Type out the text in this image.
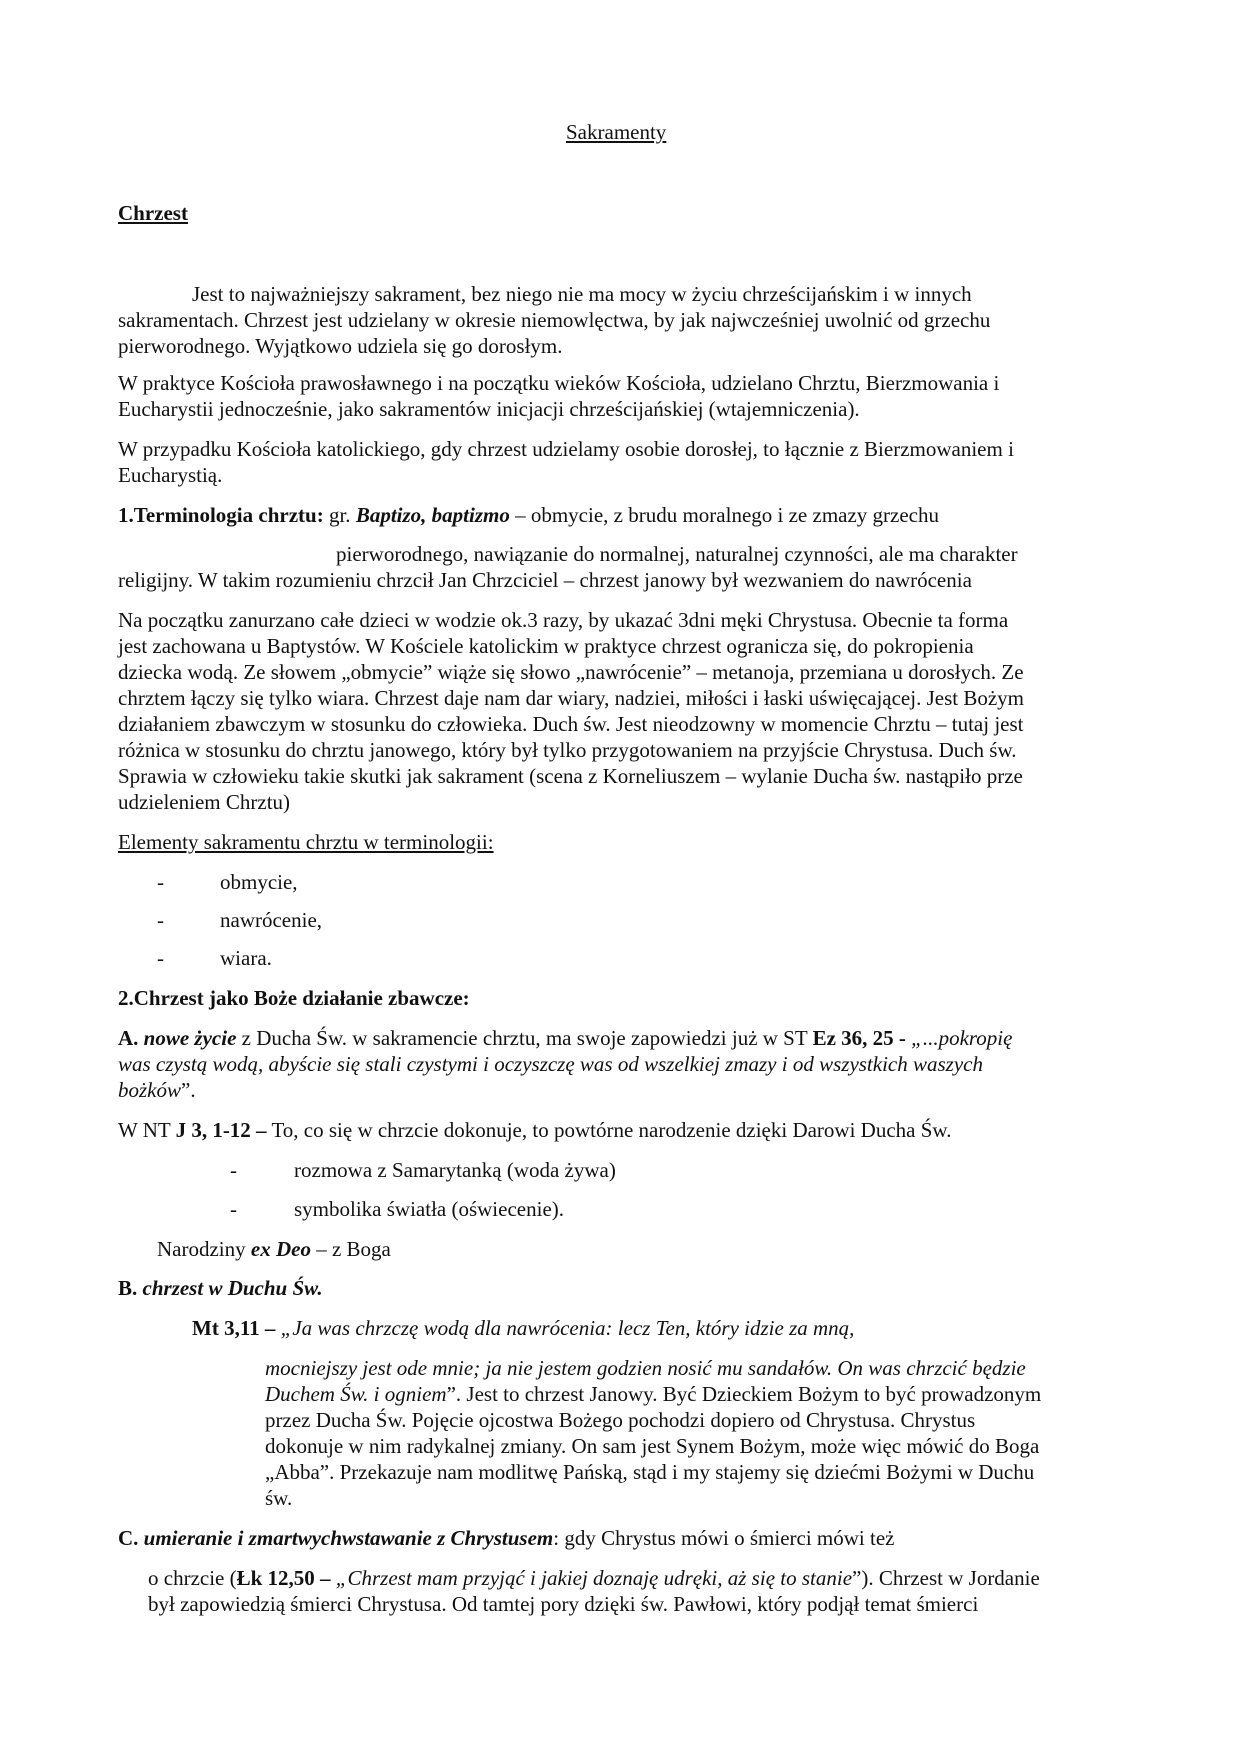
Sakramenty
Chrzest
Jest to najważniejszy sakrament, bez niego nie ma mocy w życiu chrześcijańskim i w innych
sakramentach. Chrzest jest udzielany w okresie niemowlęctwa, by jak najwcześniej uwolnić od grzechu
pierworodnego. Wyjątkowo udziela się go dorosłym.
W praktyce Kościoła prawosławnego i na początku wieków Kościoła, udzielano Chrztu, Bierzmowania i
Eucharystii jednocześnie, jako sakramentów inicjacji chrześcijańskiej (wtajemniczenia).
W przypadku Kościoła katolickiego, gdy chrzest udzielamy osobie dorosłej, to łącznie z Bierzmowaniem i
Eucharystią.
1.Terminologia chrztu: gr. Baptizo, baptizmo – obmycie, z brudu moralnego i ze zmazy grzechu
pierworodnego, nawiązanie do normalnej, naturalnej czynności, ale ma charakter
religijny. W takim rozumieniu chrzcił Jan Chrzciciel – chrzest janowy był wezwaniem do nawrócenia
Na początku zanurzano całe dzieci w wodzie ok.3 razy, by ukazać 3dni męki Chrystusa. Obecnie ta forma
jest zachowana u Baptystów. W Kościele katolickim w praktyce chrzest ogranicza się, do pokropienia
dziecka wodą. Ze słowem „obmycie” wiąże się słowo „nawrócenie” – metanoja, przemiana u dorosłych. Ze
chrztem łączy się tylko wiara. Chrzest daje nam dar wiary, nadziei, miłości i łaski uświęcającej. Jest Bożym
działaniem zbawczym w stosunku do człowieka. Duch św. Jest nieodzowny w momencie Chrztu – tutaj jest
różnica w stosunku do chrztu janowego, który był tylko przygotowaniem na przyjście Chrystusa. Duch św.
Sprawia w człowieku takie skutki jak sakrament (scena z Korneliuszem – wylanie Ducha św. nastąpiło prze
udzieleniem Chrztu)
Elementy sakramentu chrztu w terminologii:
-	obmycie,
-	nawrócenie,
-	wiara.
2.Chrzest jako Boże działanie zbawcze:
A. nowe życie z Ducha Św. w sakramencie chrztu, ma swoje zapowiedzi już w ST Ez 36, 25 - „...pokropię
was czystą wodą, abyście się stali czystymi i oczyszczę was od wszelkiej zmazy i od wszystkich waszych
bożków”.
W NT J 3, 1-12 – To, co się w chrzcie dokonuje, to powtórne narodzenie dzięki Darowi Ducha Św.
-	rozmowa z Samarytanką (woda żywa)
-	symbolika światła (oświecenie).
Narodziny ex Deo – z Boga
B. chrzest w Duchu Św.
Mt 3,11 – „Ja was chrzczę wodą dla nawrócenia: lecz Ten, który idzie za mną,
mocniejszy jest ode mnie; ja nie jestem godzien nosić mu sandałów. On was chrzcić będzie
Duchem Św. i ogniem”. Jest to chrzest Janowy. Być Dzieckiem Bożym to być prowadzonym
przez Ducha Św. Pojęcie ojcostwa Bożego pochodzi dopiero od Chrystusa. Chrystus
dokonuje w nim radykalnej zmiany. On sam jest Synem Bożym, może więc mówić do Boga
„Abba”. Przekazuje nam modlitwę Pańską, stąd i my stajemy się dziećmi Bożymi w Duchu
św.
C. umieranie i zmartwychwstawanie z Chrystusem: gdy Chrystus mówi o śmierci mówi też
o chrzcie (Łk 12,50 – „Chrzest mam przyjąć i jakiej doznaję udręki, aż się to stanie”). Chrzest w Jordanie
był zapowiedzią śmierci Chrystusa. Od tamtej pory dzięki św. Pawłowi, który podjął temat śmierci
